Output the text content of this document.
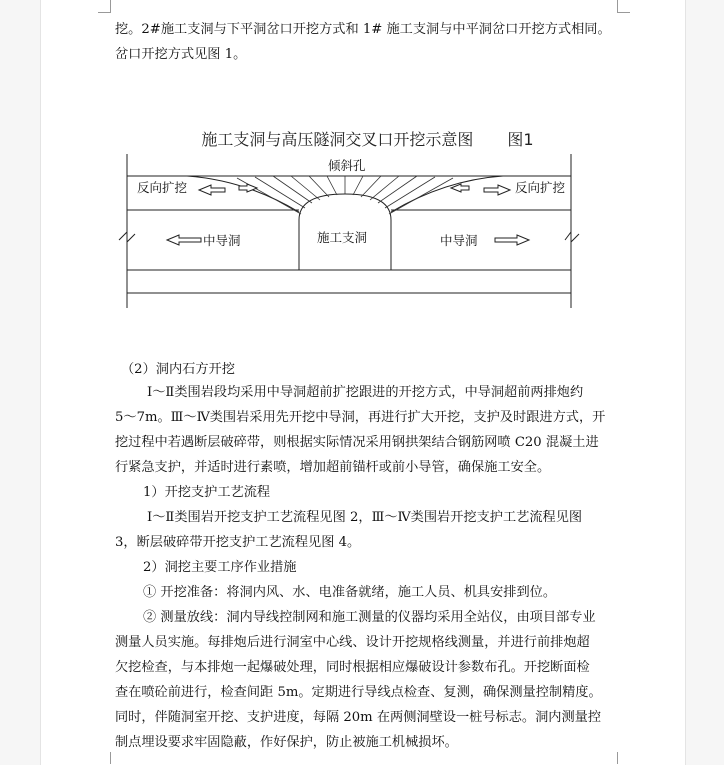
挖。2#施工支洞与下平洞岔口开挖方式和 1# 施工支洞与中平洞岔口开挖方式相同。
岔口开挖方式见图 1。
施工支洞与高压隧洞交叉口开挖示意图 图1
倾斜孔
反向扩挖	反向扩挖
中导洞	中导洞
施工支洞
（2）洞内石方开挖
Ⅰ～Ⅱ类围岩段均采用中导洞超前扩挖跟进的开挖方式，中导洞超前两排炮约
5～7m。Ⅲ～Ⅳ类围岩采用先开挖中导洞，再进行扩大开挖，支护及时跟进方式，开
挖过程中若遇断层破碎带，则根据实际情况采用钢拱架结合钢筋网喷 C20 混凝土进
行紧急支护，并适时进行素喷，增加超前锚杆或前小导管，确保施工安全。
1）开挖支护工艺流程
Ⅰ～Ⅱ类围岩开挖支护工艺流程见图 2，Ⅲ～Ⅳ类围岩开挖支护工艺流程见图
3，断层破碎带开挖支护工艺流程见图 4。
2）洞挖主要工序作业措施
① 开挖准备：将洞内风、水、电准备就绪，施工人员、机具安排到位。
② 测量放线：洞内导线控制网和施工测量的仪器均采用全站仪，由项目部专业
测量人员实施。每排炮后进行洞室中心线、设计开挖规格线测量，并进行前排炮超
欠挖检查，与本排炮一起爆破处理，同时根据相应爆破设计参数布孔。开挖断面检
查在喷砼前进行，检查间距 5m。定期进行导线点检查、复测，确保测量控制精度。
同时，伴随洞室开挖、支护进度，每隔 20m 在两侧洞壁设一桩号标志。洞内测量控
制点埋设要求牢固隐蔽，作好保护，防止被施工机械损坏。
